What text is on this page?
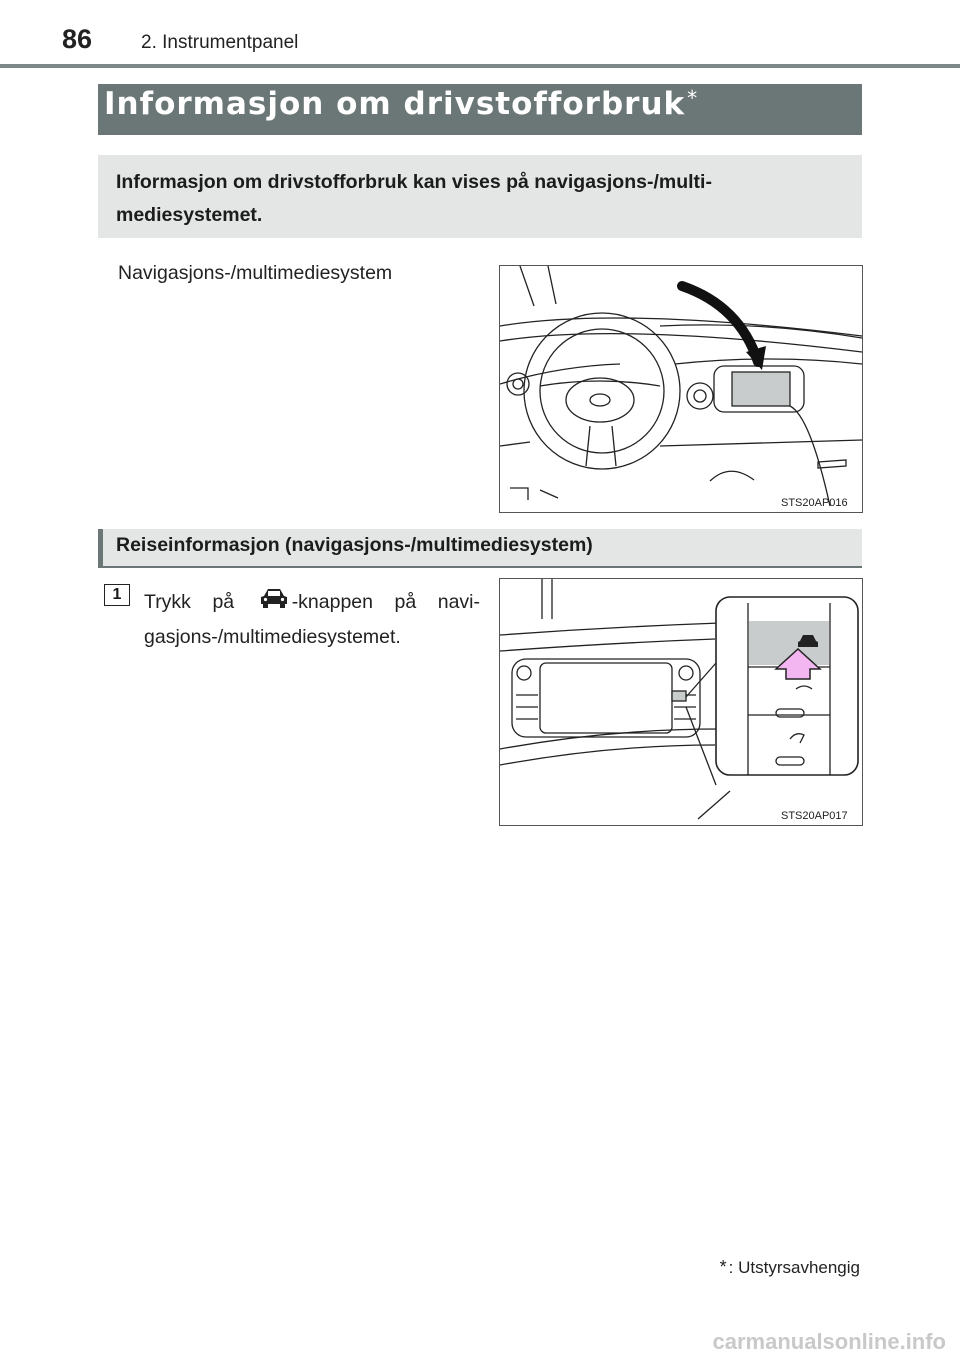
86	2. Instrumentpanel
Informasjon om drivstofforbruk *
Informasjon om drivstofforbruk kan vises på navigasjons-/multi-mediesystemet.
Navigasjons-/multimediesystem
STS20AP016
Reiseinformasjon (navigasjons-/multimediesystem)
1	Trykk på	-knappen på navi-gasjons-/multimediesystemet.
STS20AP017
* : Utstyrsavhengig
carmanualsonline.info
